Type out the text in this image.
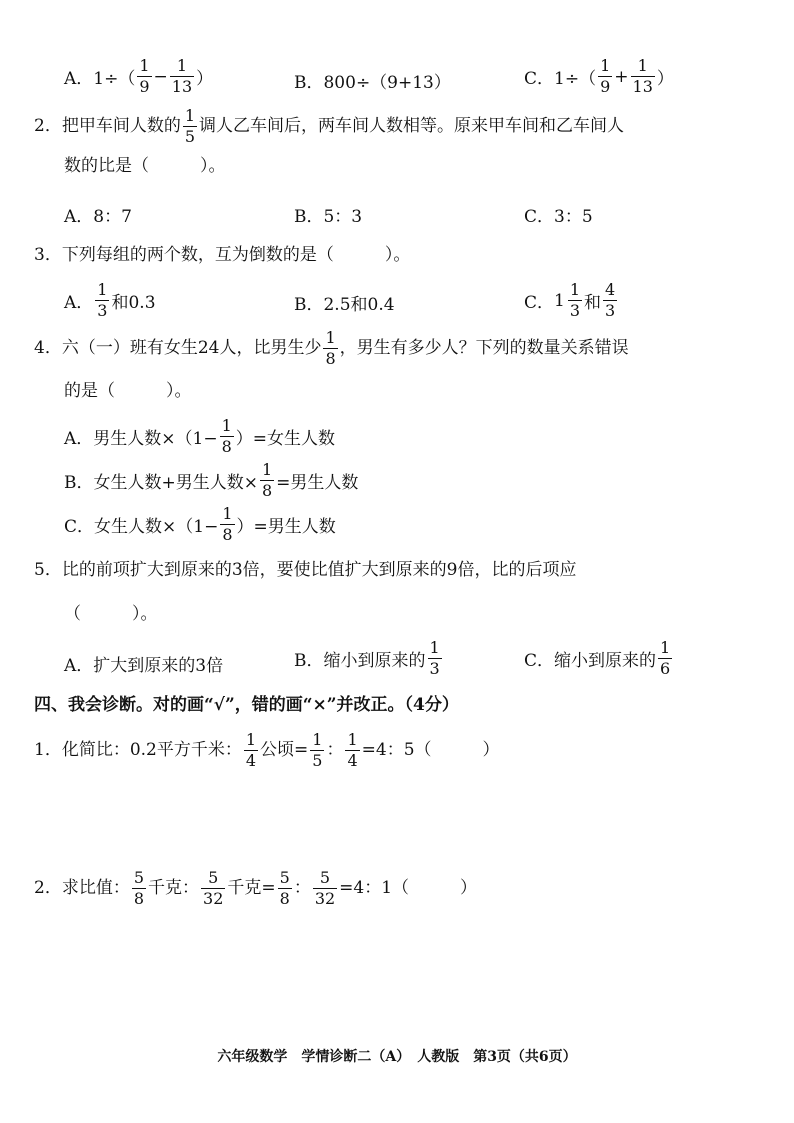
A．$1\div( \frac{1}{9} - \frac{1}{13}$ ）	B．800÷（9+13）	C．$1\div( \frac{1}{9} + \frac{1}{13}$ ）
2．把甲车间人数的 $\frac{1}{5}$ 调人乙车间后，两车间人数相等。原来甲车间和乙车间人
数的比是（　　　）。
A．8：7	B．5：3	C．3：5
3．下列每组的两个数，互为倒数的是（　　　）。
A． $\frac{1}{3}$ 和0.3	B．2.5和0.4	C． $1 \frac{1}{3}$ 和 $\frac{4}{3}$
4．六（一）班有女生24人，比男生少 $\frac{1}{8}$ ，男生有多少人？下列的数量关系错误
的是（　　　）。
A．男生人数$\times(1- \frac{1}{8}$ ）=女生人数
B．女生人数+男生人数× $\frac{1}{8}$ =男生人数
C．女生人数$\times(1- \frac{1}{8}$ ）=男生人数
5．比的前项扩大到原来的3倍，要使比值扩大到原来的9倍，比的后项应
（　　　）。
A．扩大到原来的3倍	B．缩小到原来的 $\frac{1}{3}$	C．缩小到原来的 $\frac{1}{6}$
四、我会诊断。对的画“√”，错的画“×”并改正。（4分）
1．化简比：0.2平方千米： $\frac{1}{4}$ 公顷= $\frac{1}{5}$ ： $\frac{1}{4} =4$：5（　　　）
2．求比值： $\frac{5}{8}$ 千克： $\frac{5}{32}$ 千克= $\frac{5}{8}$ ： $\frac{5}{32} =4$：1（　　　）
六年级数学　学情诊断二（A）　人教版　第3页（共6页）
